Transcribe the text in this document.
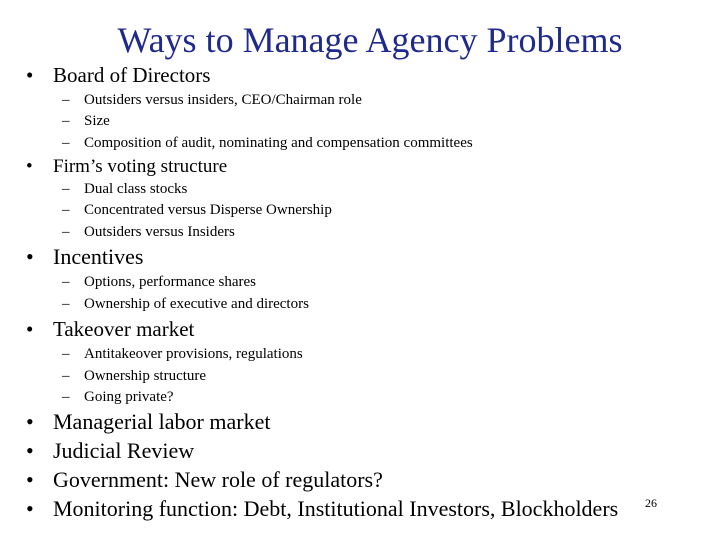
Ways to Manage Agency Problems
• Board of Directors
– Outsiders versus insiders, CEO/Chairman role
– Size
– Composition of audit, nominating and compensation committees
• Firm’s voting structure
– Dual class stocks
– Concentrated versus Disperse Ownership
– Outsiders versus Insiders
• Incentives
– Options, performance shares
– Ownership of executive and directors
• Takeover market
– Antitakeover provisions, regulations
– Ownership structure
– Going private?
• Managerial labor market
• Judicial Review
• Government: New role of regulators?
• Monitoring function: Debt, Institutional Investors, Blockholders 26
